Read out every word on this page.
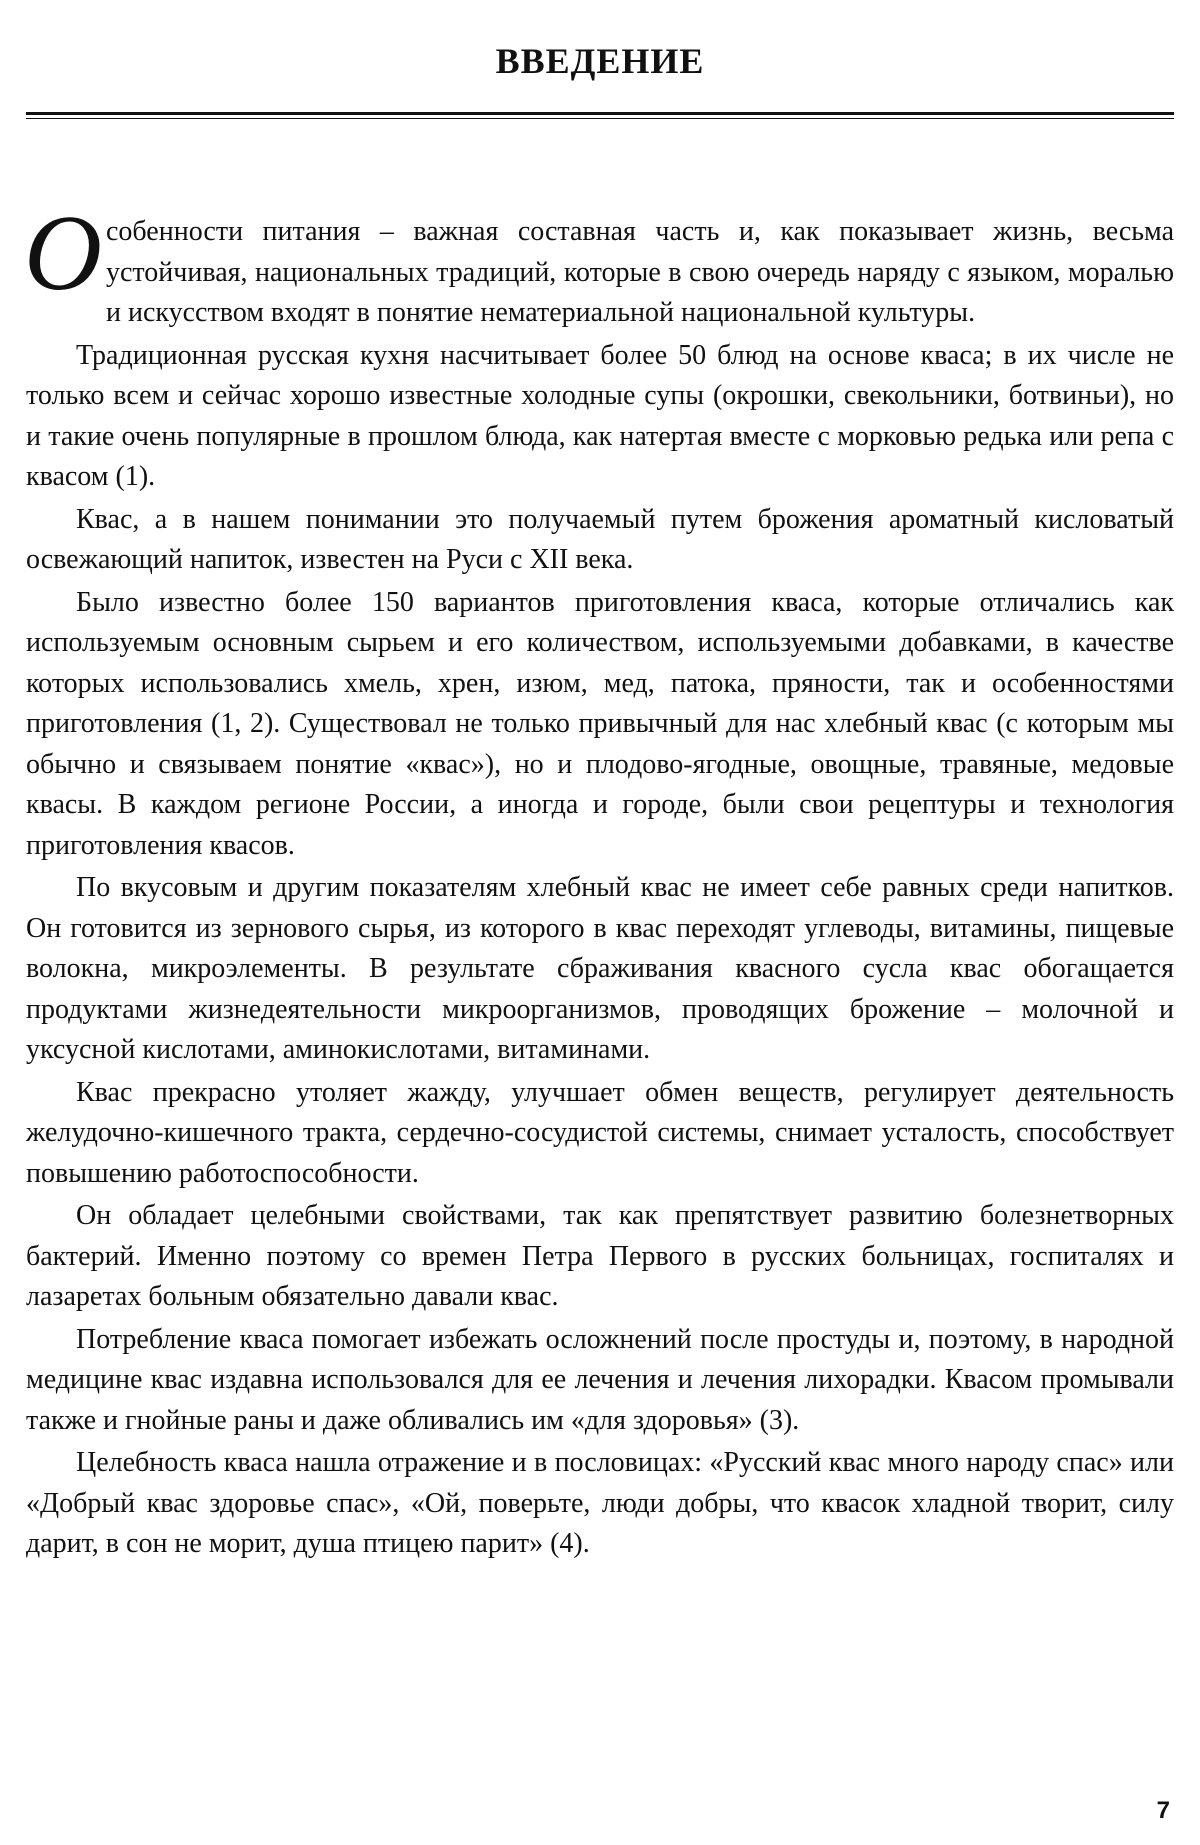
ВВЕДЕНИЕ

Особенности питания – важная составная часть и, как показывает жизнь, весьма устойчивая, национальных традиций, которые в свою очередь наряду с языком, моралью и искусством входят в понятие нематериальной национальной культуры.

Традиционная русская кухня насчитывает более 50 блюд на основе кваса; в их числе не только всем и сейчас хорошо известные холодные супы (окрошки, свекольники, ботвиньи), но и такие очень популярные в прошлом блюда, как натертая вместе с морковью редька или репа с квасом (1).

Квас, а в нашем понимании это получаемый путем брожения ароматный кисловатый освежающий напиток, известен на Руси с XII века.

Было известно более 150 вариантов приготовления кваса, которые отличались как используемым основным сырьем и его количеством, используемыми добавками, в качестве которых использовались хмель, хрен, изюм, мед, патока, пряности, так и особенностями приготовления (1, 2). Существовал не только привычный для нас хлебный квас (с которым мы обычно и связываем понятие «квас»), но и плодово-ягодные, овощные, травяные, медовые квасы. В каждом регионе России, а иногда и городе, были свои рецептуры и технология приготовления квасов.

По вкусовым и другим показателям хлебный квас не имеет себе равных среди напитков. Он готовится из зернового сырья, из которого в квас переходят углеводы, витамины, пищевые волокна, микроэлементы. В результате сбраживания квасного сусла квас обогащается продуктами жизнедеятельности микроорганизмов, проводящих брожение – молочной и уксусной кислотами, аминокислотами, витаминами.

Квас прекрасно утоляет жажду, улучшает обмен веществ, регулирует деятельность желудочно-кишечного тракта, сердечно-сосудистой системы, снимает усталость, способствует повышению работоспособности.

Он обладает целебными свойствами, так как препятствует развитию болезнетворных бактерий. Именно поэтому со времен Петра Первого в русских больницах, госпиталях и лазаретах больным обязательно давали квас.

Потребление кваса помогает избежать осложнений после простуды и, поэтому, в народной медицине квас издавна использовался для ее лечения и лечения лихорадки. Квасом промывали также и гнойные раны и даже обливались им «для здоровья» (3).

Целебность кваса нашла отражение и в пословицах: «Русский квас много народу спас» или «Добрый квас здоровье спас», «Ой, поверьте, люди добры, что квасок хладной творит, силу дарит, в сон не морит, душа птицею парит» (4).

7
